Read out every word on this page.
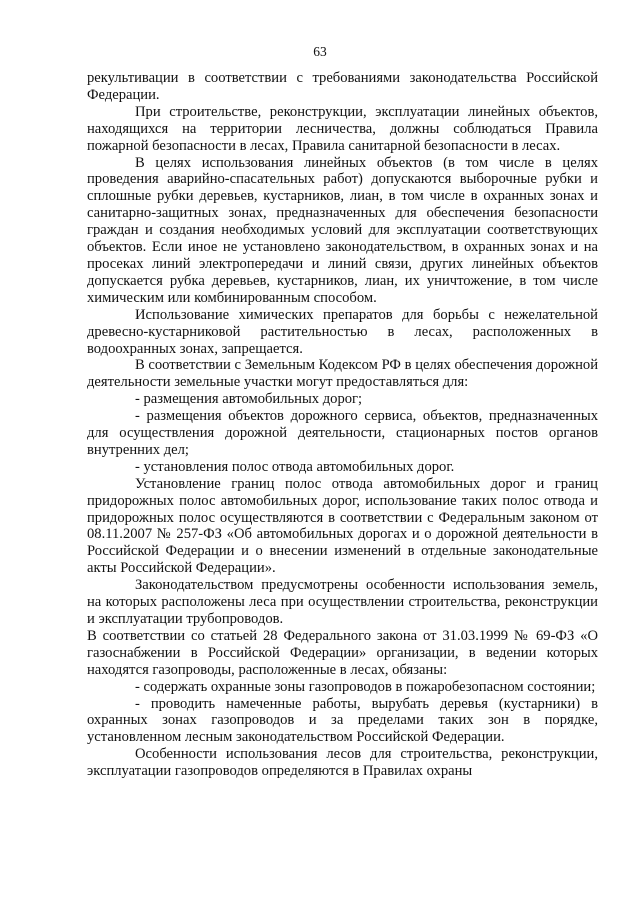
63

рекультивации в соответствии с требованиями законодательства Российской Федерации.

При строительстве, реконструкции, эксплуатации линейных объектов, находящихся на территории лесничества, должны соблюдаться Правила пожарной безопасности в лесах, Правила санитарной безопасности в лесах.

В целях использования линейных объектов (в том числе в целях проведения аварийно-спасательных работ) допускаются выборочные рубки и сплошные рубки деревьев, кустарников, лиан, в том числе в охранных зонах и санитарно-защитных зонах, предназначенных для обеспечения безопасности граждан и создания необходимых условий для эксплуатации соответствующих объектов. Если иное не установлено законодательством, в охранных зонах и на просеках линий электропередачи и линий связи, других линейных объектов допускается рубка деревьев, кустарников, лиан, их уничтожение, в том числе химическим или комбинированным способом.

Использование химических препаратов для борьбы с нежелательной древесно-кустарниковой растительностью в лесах, расположенных в водоохранных зонах, запрещается.

В соответствии с Земельным Кодексом РФ в целях обеспечения дорожной деятельности земельные участки могут предоставляться для:

- размещения автомобильных дорог;

- размещения объектов дорожного сервиса, объектов, предназначенных для осуществления дорожной деятельности, стационарных постов органов внутренних дел;

- установления полос отвода автомобильных дорог.

Установление границ полос отвода автомобильных дорог и границ придорожных полос автомобильных дорог, использование таких полос отвода и придорожных полос осуществляются в соответствии с Федеральным законом от 08.11.2007 № 257-ФЗ «Об автомобильных дорогах и о дорожной деятельности в Российской Федерации и о внесении изменений в отдельные законодательные акты Российской Федерации».

Законодательством предусмотрены особенности использования земель, на которых расположены леса при осуществлении строительства, реконструкции и эксплуатации трубопроводов.

В соответствии со статьей 28 Федерального закона от 31.03.1999 № 69-ФЗ «О газоснабжении в Российской Федерации» организации, в ведении которых находятся газопроводы, расположенные в лесах, обязаны:

- содержать охранные зоны газопроводов в пожаробезопасном состоянии;

- проводить намеченные работы, вырубать деревья (кустарники) в охранных зонах газопроводов и за пределами таких зон в порядке, установленном лесным законодательством Российской Федерации.

Особенности использования лесов для строительства, реконструкции, эксплуатации газопроводов определяются в Правилах охраны
